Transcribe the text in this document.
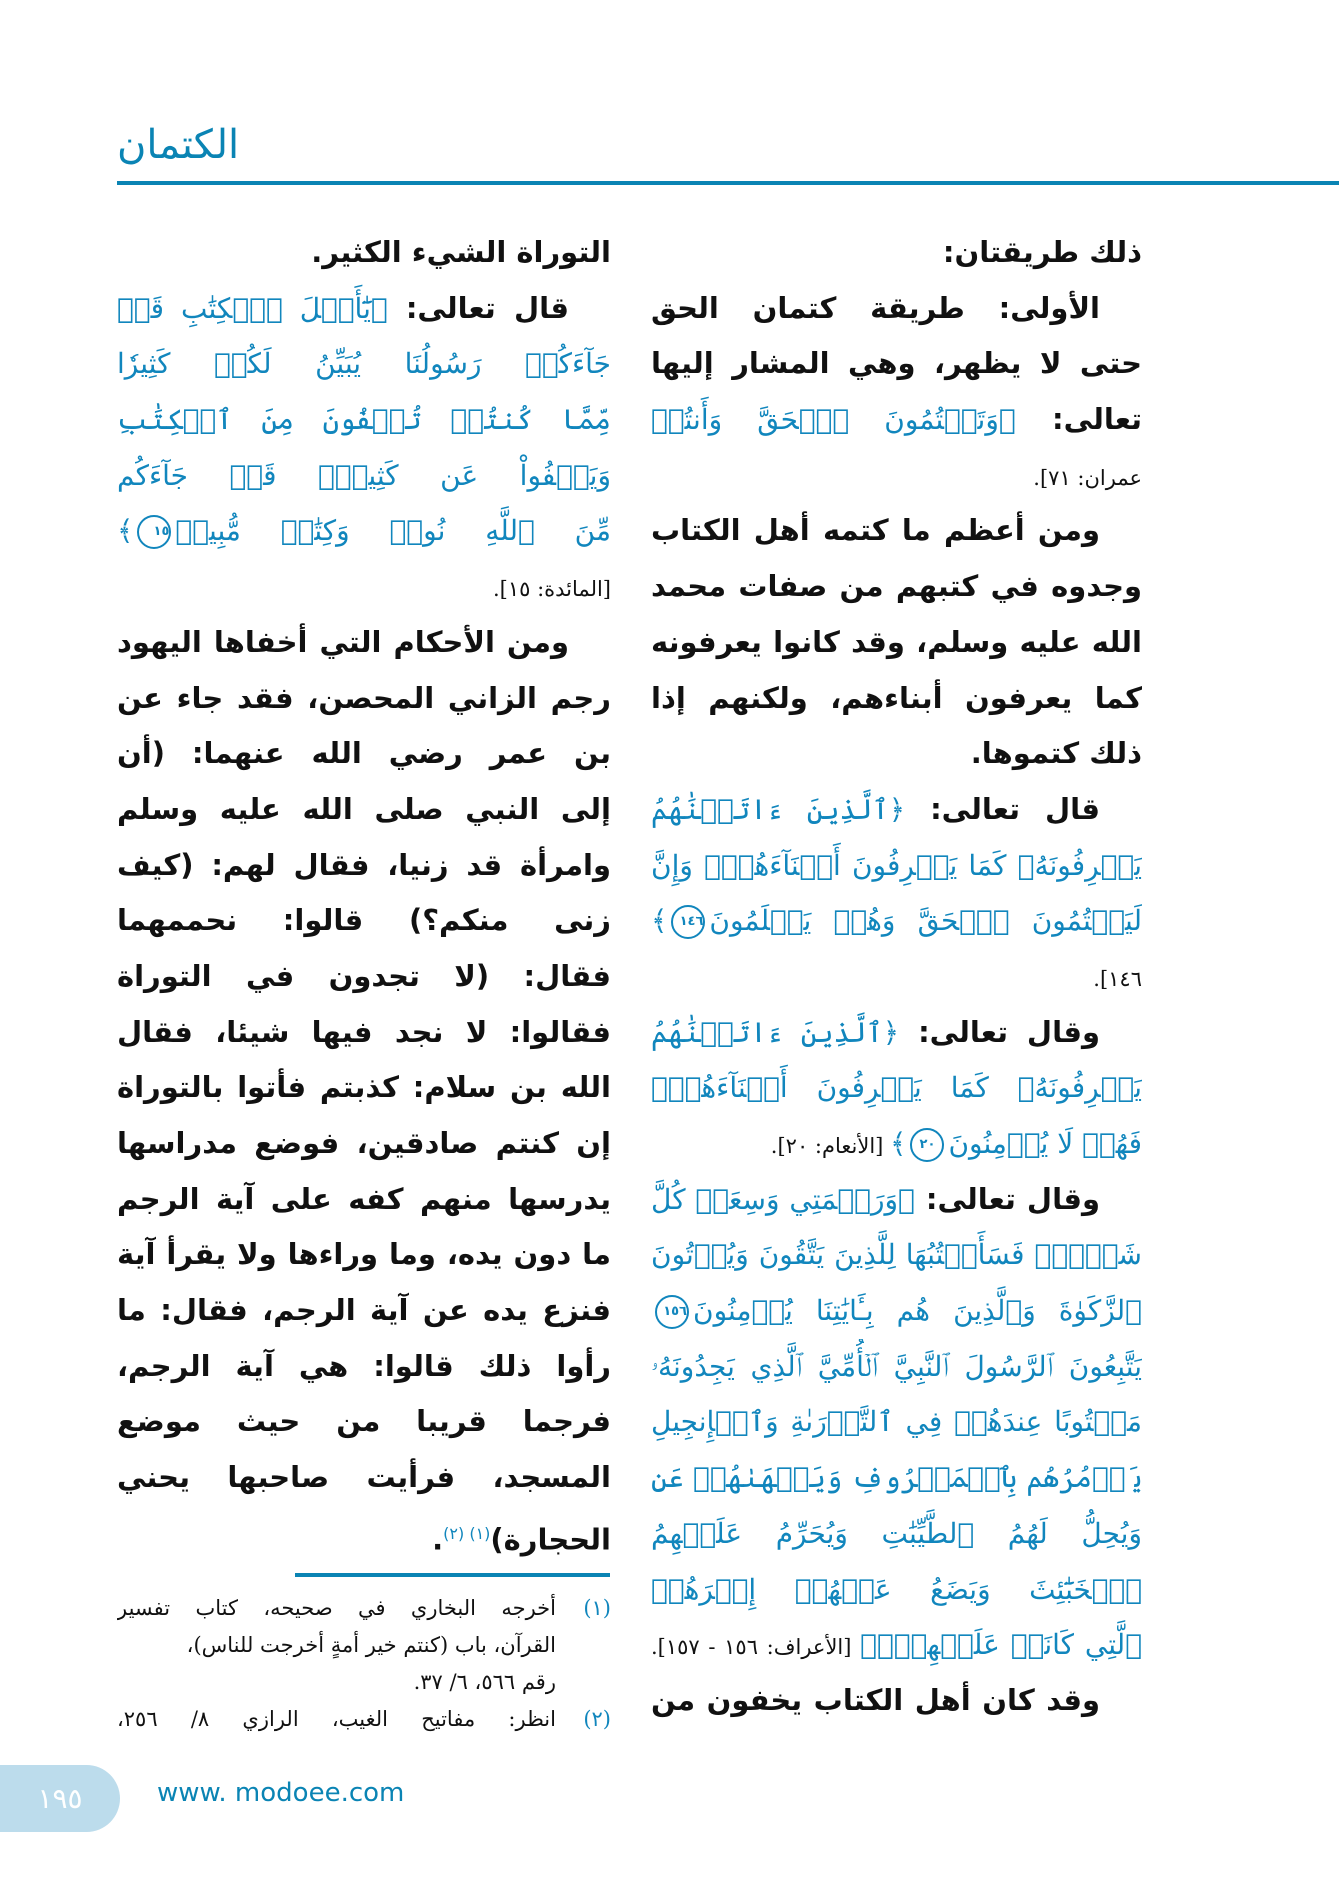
الكتمان
ذلك طريقتان:
الأولى: طريقة كتمان الحق
حتى لا يظهر، وهي المشار إليها
تعالى: ﴿وَتَكۡتُمُونَ ٱلۡحَقَّ وَأَنتُمۡ
عمران: ٧١].
ومن أعظم ما كتمه أهل الكتاب
وجدوه في كتبهم من صفات محمد
الله عليه وسلم، وقد كانوا يعرفونه
كما يعرفون أبناءهم، ولكنهم إذا
ذلك كتموها.
قال تعالى: ﴿ٱلَّذِينَ ءَاتَيۡنَٰهُمُ
يَعۡرِفُونَهُۥ كَمَا يَعۡرِفُونَ أَبۡنَآءَهُمۡۖ وَإِنَّ
لَيَكۡتُمُونَ ٱلۡحَقَّ وَهُمۡ يَعۡلَمُونَ١٤٦﴾
١٤٦].
وقال تعالى: ﴿ٱلَّذِينَ ءَاتَيۡنَٰهُمُ
يَعۡرِفُونَهُۥ كَمَا يَعۡرِفُونَ أَبۡنَآءَهُمُۘ
فَهُمۡ لَا يُؤۡمِنُونَ٢٠﴾ [الأنعام: ٢٠].
وقال تعالى: ﴿وَرَحۡمَتِي وَسِعَتۡ كُلَّ
شَيۡءٖۚ فَسَأَكۡتُبُهَا لِلَّذِينَ يَتَّقُونَ وَيُؤۡتُونَ
ٱلزَّكَوٰةَ وَٱلَّذِينَ هُم بِـَٔايَٰتِنَا يُؤۡمِنُونَ١٥٦
يَتَّبِعُونَ ٱلرَّسُولَ ٱلنَّبِيَّ ٱلۡأُمِّيَّ ٱلَّذِي يَجِدُونَهُۥ
مَكۡتُوبًا عِندَهُمۡ فِي ٱلتَّوۡرَىٰةِ وَٱلۡإِنجِيلِ
يَأۡمُرُهُم بِٱلۡمَعۡرُوفِ وَيَنۡهَىٰهُمۡ عَنِ
وَيُحِلُّ لَهُمُ ٱلطَّيِّبَٰتِ وَيُحَرِّمُ عَلَيۡهِمُ
ٱلۡخَبَٰٓئِثَ وَيَضَعُ عَنۡهُمۡ إِصۡرَهُمۡ
ٱلَّتِي كَانَتۡ عَلَيۡهِمۡۚ﴾ [الأعراف: ١٥٦ - ١٥٧].
وقد كان أهل الكتاب يخفون من
التوراة الشيء الكثير.
قال تعالى: ﴿يَٰٓأَهۡلَ ٱلۡكِتَٰبِ قَدۡ
جَآءَكُمۡ رَسُولُنَا يُبَيِّنُ لَكُمۡ كَثِيرٗا
مِّمَّا كُنتُمۡ تُخۡفُونَ مِنَ ٱلۡكِتَٰبِ
وَيَعۡفُواْ عَن كَثِيرٖۚ قَدۡ جَآءَكُم
مِّنَ ٱللَّهِ نُورٞ وَكِتَٰبٞ مُّبِينٞ١٥﴾
[المائدة: ١٥].
ومن الأحكام التي أخفاها اليهود
رجم الزاني المحصن، فقد جاء عن
بن عمر رضي الله عنهما: (أن
إلى النبي صلى الله عليه وسلم
وامرأة قد زنيا، فقال لهم: (كيف
زنى منكم؟) قالوا: نحممهما
فقال: (لا تجدون في التوراة
فقالوا: لا نجد فيها شيئا، فقال
الله بن سلام: كذبتم فأتوا بالتوراة
إن كنتم صادقين، فوضع مدراسها
يدرسها منهم كفه على آية الرجم
ما دون يده، وما وراءها ولا يقرأ آية
فنزع يده عن آية الرجم، فقال: ما
رأوا ذلك قالوا: هي آية الرجم،
فرجما قريبا من حيث موضع
المسجد، فرأيت صاحبها يحني
الحجارة)$^{(١) (٢)}$.
(١)أخرجه البخاري في صحيحه، كتاب تفسير
القرآن، باب (كنتم خير أمةٍ أخرجت للناس)،
رقم ٥٦٦، ٦/ ٣٧.
(٢)انظر: مفاتيح الغيب، الرازي ٨/ ٢٥٦،
١٩٥	www. modoee.com
